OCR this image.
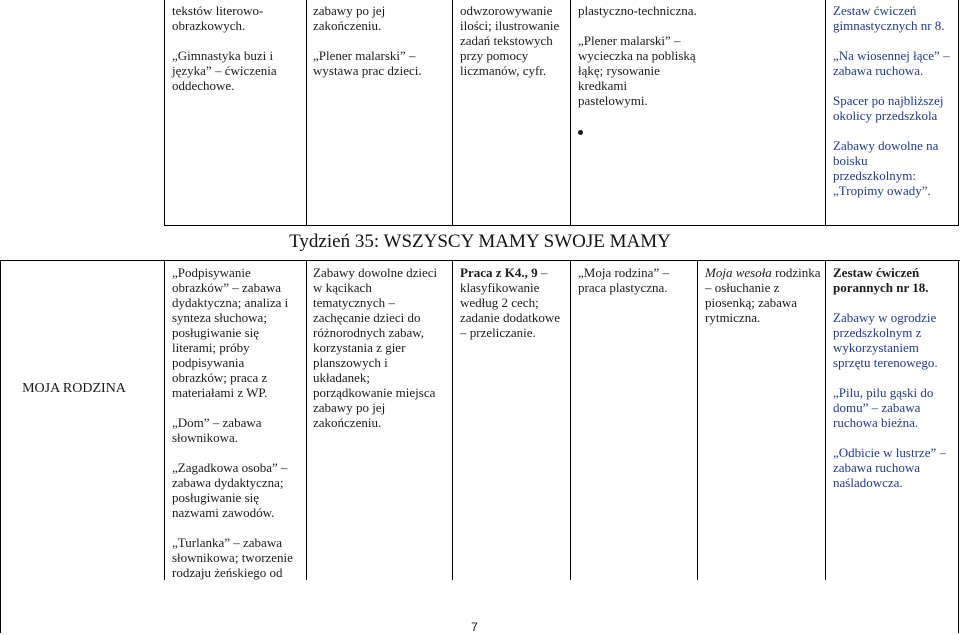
tekstów literowo-obrazkowych.

„Gimnastyka buzi i języka” – ćwiczenia oddechowe.

zabawy po jej zakończeniu.

„Plener malarski” – wystawa prac dzieci.

odwzorowywanie ilości; ilustrowanie zadań tekstowych przy pomocy liczmanów, cyfr.

plastyczno-techniczna.

„Plener malarski” – wycieczka na pobliską łąkę; rysowanie kredkami pastelowymi.

Zestaw ćwiczeń gimnastycznych nr 8.

„Na wiosennej łące” – zabawa ruchowa.

Spacer po najbliższej okolicy przedszkola

Zabawy dowolne na boisku przedszkolnym: „Tropimy owady”.

Tydzień 35: WSZYSCY MAMY SWOJE MAMY
MOJA RODZINA

„Podpisywanie obrazków” – zabawa dydaktyczna; analiza i synteza słuchowa; posługiwanie się literami; próby podpisywania obrazków; praca z materiałami z WP.

„Dom” – zabawa słownikowa.

„Zagadkowa osoba” – zabawa dydaktyczna; posługiwanie się nazwami zawodów.

„Turlanka” – zabawa słownikowa; tworzenie rodzaju żeńskiego od

Zabawy dowolne dzieci w kącikach tematycznych – zachęcanie dzieci do różnorodnych zabaw, korzystania z gier planszowych i układanek; porządkowanie miejsca zabawy po jej zakończeniu.

Praca z K4., 9 – klasyfikowanie według 2 cech; zadanie dodatkowe – przeliczanie.

„Moja rodzina” – praca plastyczna.

Moja wesoła rodzinka – osłuchanie z piosenką; zabawa rytmiczna.

Zestaw ćwiczeń porannych nr 18.

Zabawy w ogrodzie przedszkolnym z wykorzystaniem sprzętu terenowego.

„Pilu, pilu gąski do domu” – zabawa ruchowa bieżna.

„Odbicie w lustrze” – zabawa ruchowa naśladowcza.

7
